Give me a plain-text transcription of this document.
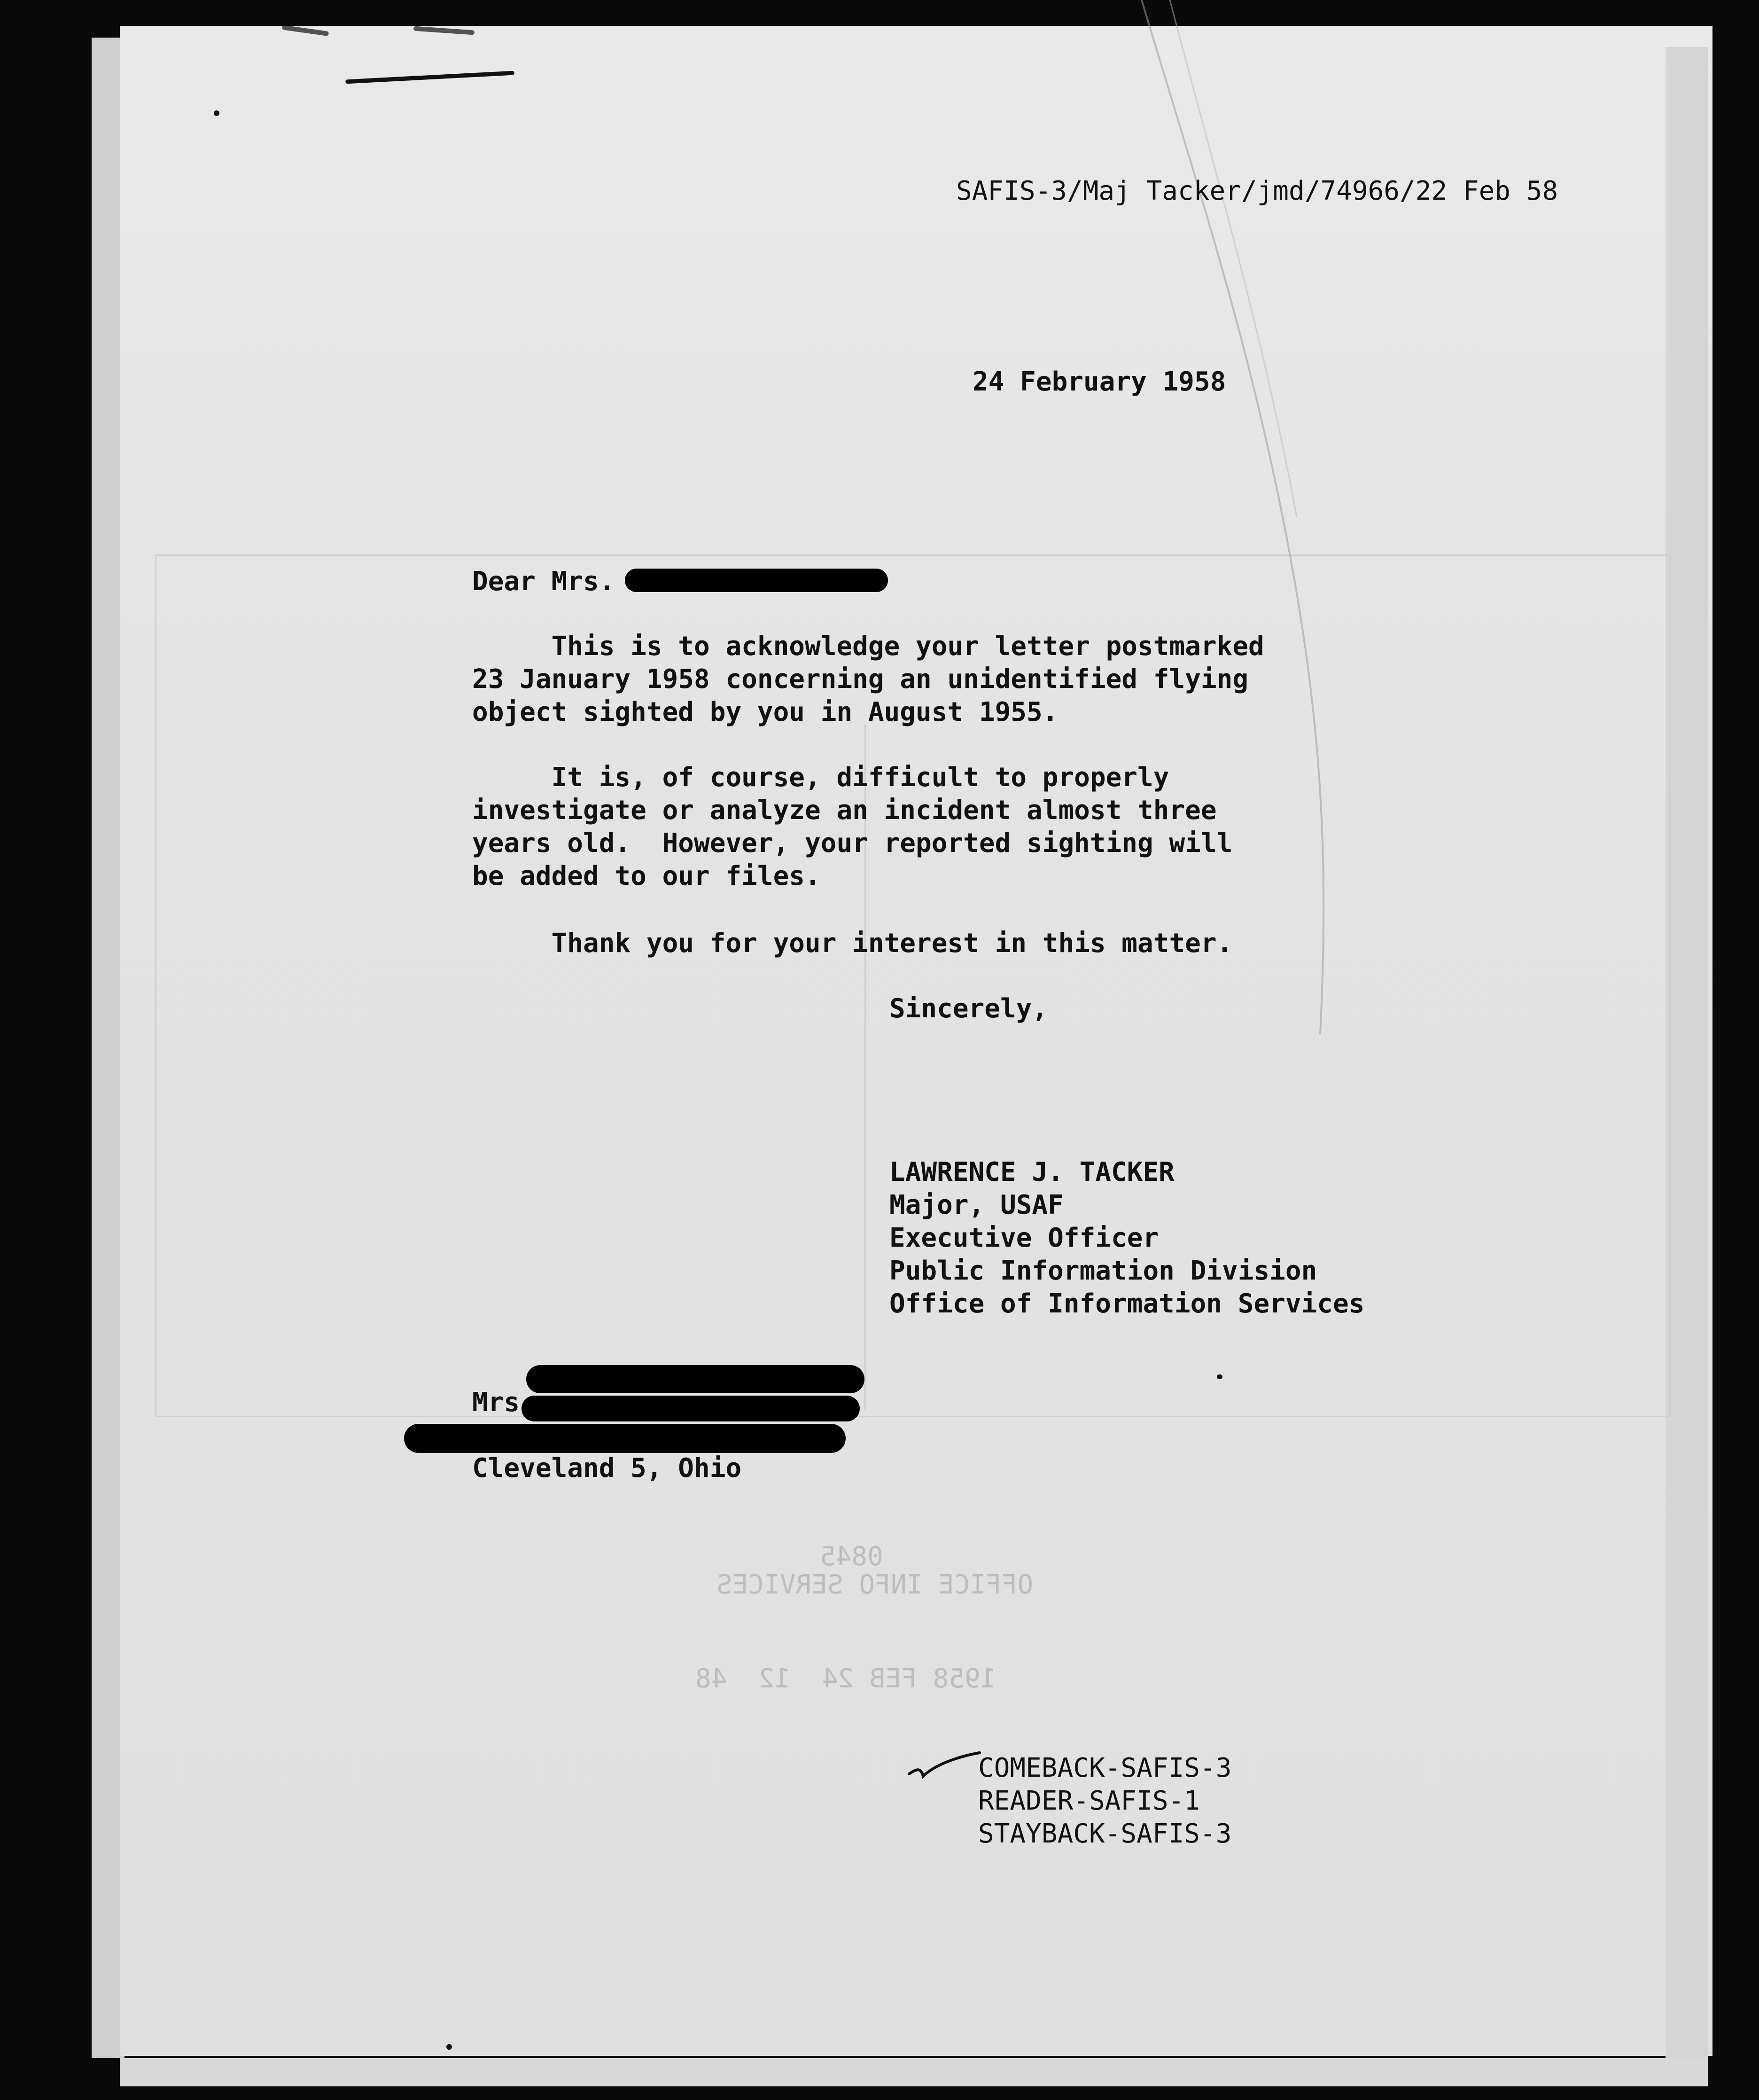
SAFIS-3/Maj Tacker/jmd/74966/22 Feb 58
24 February 1958
Dear Mrs.
This is to acknowledge your letter postmarked
23 January 1958 concerning an unidentified flying
object sighted by you in August 1955.
It is, of course, difficult to properly
investigate or analyze an incident almost three
years old.  However, your reported sighting will
be added to our files.
Thank you for your interest in this matter.
Sincerely,
LAWRENCE J. TACKER
Major, USAF
Executive Officer
Public Information Division
Office of Information Services
Mrs
Cleveland 5, Ohio
0845
OFFICE INFO SERVICES
1958 FEB 24  12  48
COMEBACK-SAFIS-3
READER-SAFIS-1
STAYBACK-SAFIS-3
